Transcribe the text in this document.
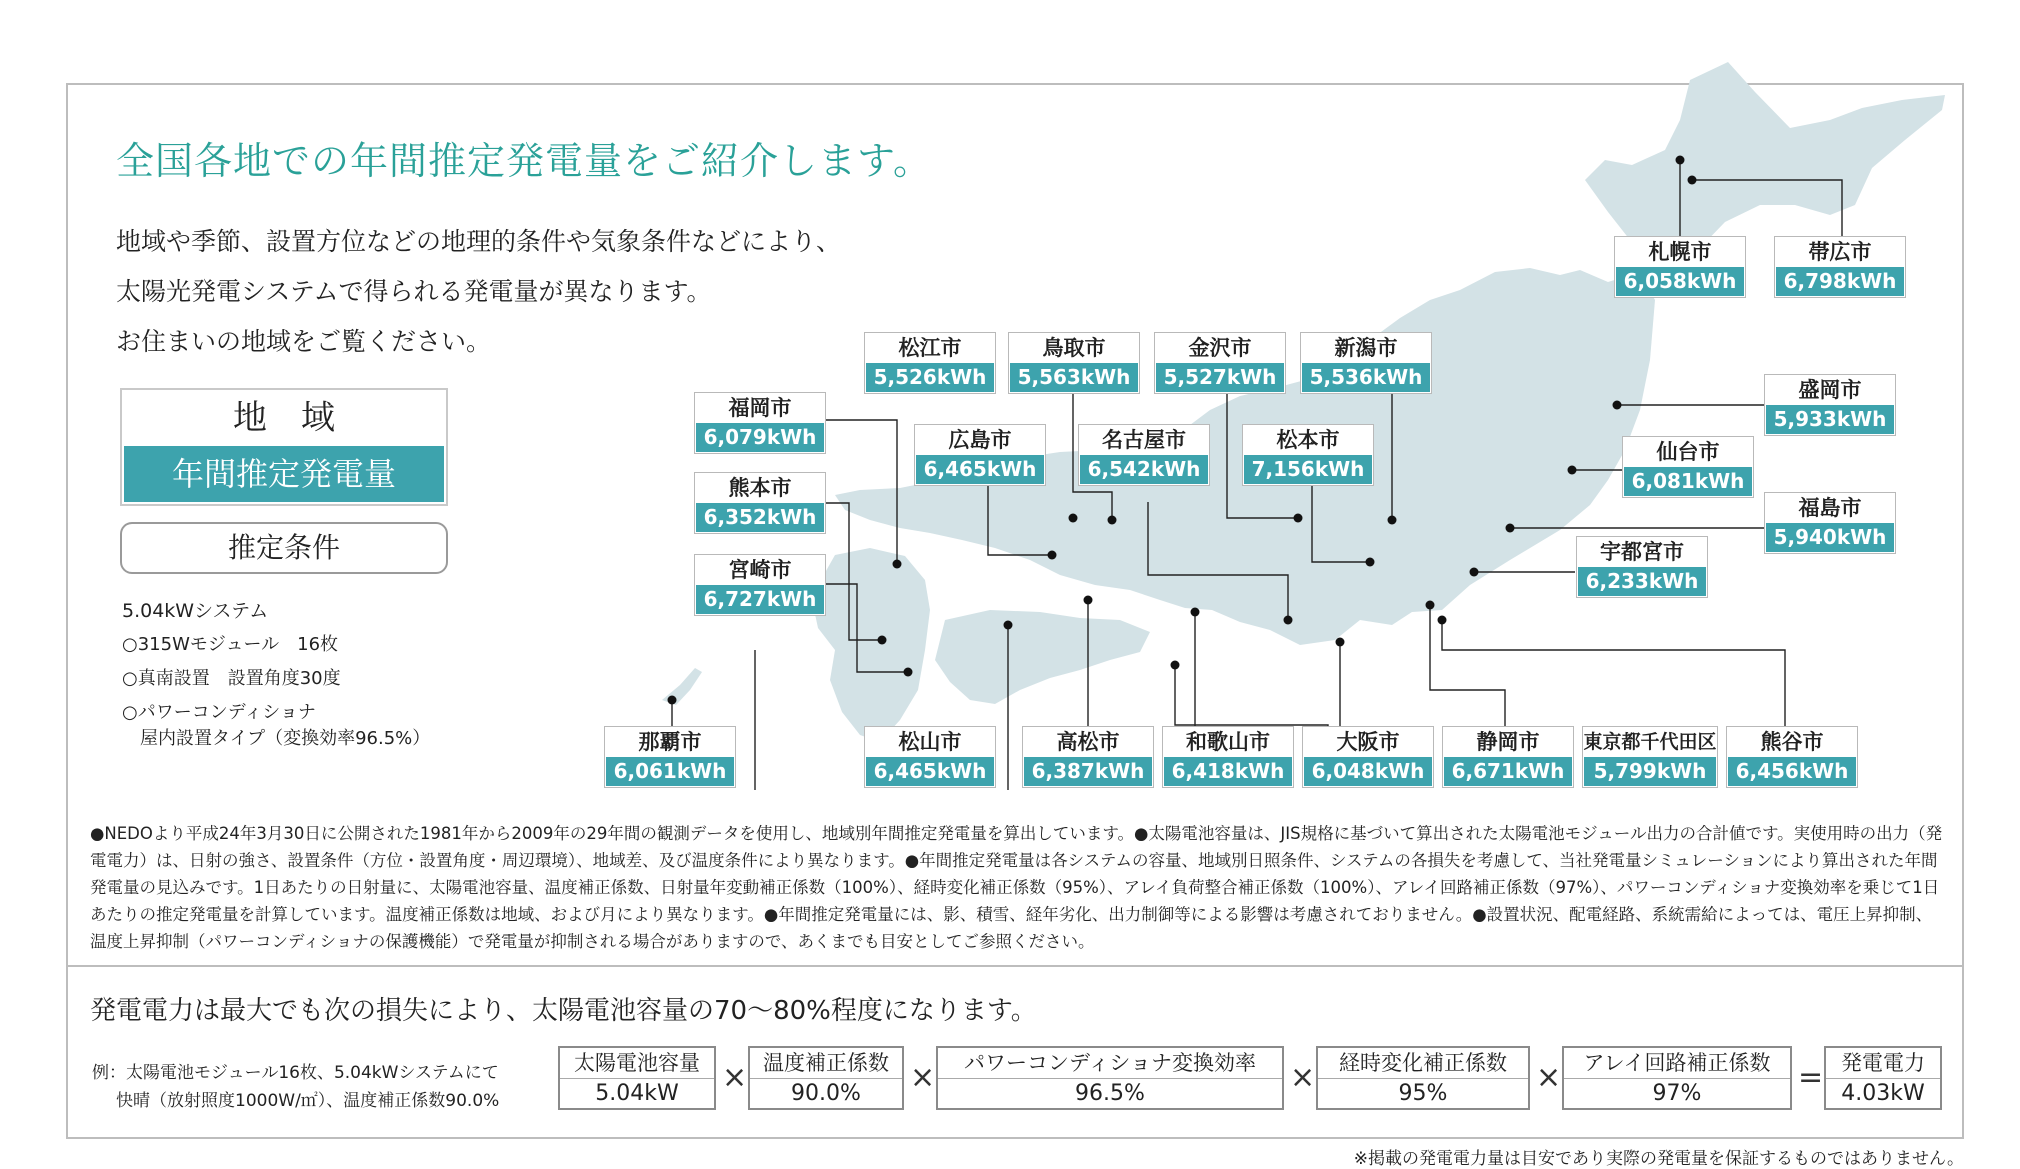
全国各地での年間推定発電量をご紹介します。
地域や季節、設置方位などの地理的条件や気象条件などにより、
太陽光発電システムで得られる発電量が異なります。
お住まいの地域をご覧ください。
地域
年間推定発電量
推定条件
5.04kWシステム
○315Wモジュール　16枚
○真南設置　設置角度30度
○パワーコンディショナ
　屋内設置タイプ（変換効率96.5%）
札幌市
6,058kWh
帯広市
6,798kWh
盛岡市
5,933kWh
仙台市
6,081kWh
福島市
5,940kWh
宇都宮市
6,233kWh
松江市
5,526kWh
鳥取市
5,563kWh
金沢市
5,527kWh
新潟市
5,536kWh
福岡市
6,079kWh	広島市
6,465kWh
名古屋市
6,542kWh
松本市
7,156kWh
熊本市
6,352kWh
宮崎市
6,727kWh
那覇市
6,061kWh
松山市
6,465kWh
高松市
6,387kWh
和歌山市
6,418kWh
大阪市
6,048kWh
静岡市
6,671kWh
東京都千代田区
5,799kWh
熊谷市
6,456kWh
●NEDOより平成24年3月30日に公開された1981年から2009年の29年間の観測データを使用し、地域別年間推定発電量を算出しています。●太陽電池容量は、JIS規格に基づいて算出された太陽電池モジュール出力の合計値です。実使用時の出力（発電電力）は、日射の強さ、設置条件（方位・設置角度・周辺環境）、地域差、及び温度条件により異なります。●年間推定発電量は各システムの容量、地域別日照条件、システムの各損失を考慮して、当社発電量シミュレーションにより算出された年間発電量の見込みです。1日あたりの日射量に、太陽電池容量、温度補正係数、日射量年変動補正係数（100%）、経時変化補正係数（95%）、アレイ負荷整合補正係数（100%）、アレイ回路補正係数（97%）、パワーコンディショナ変換効率を乗じて1日あたりの推定発電量を計算しています。温度補正係数は地域、および月により異なります。●年間推定発電量には、影、積雪、経年劣化、出力制御等による影響は考慮されておりません。●設置状況、配電経路、系統需給によっては、電圧上昇抑制、温度上昇抑制（パワーコンディショナの保護機能）で発電量が抑制される場合がありますので、あくまでも目安としてご参照ください。
発電電力は最大でも次の損失により、太陽電池容量の70～80%程度になります。
例：太陽電池モジュール16枚、5.04kWシステムにて
快晴（放射照度1000W/㎡）、温度補正係数90.0%
太陽電池容量
5.04kW	× 温度補正係数
90.0%	×	パワーコンディショナ変換効率
96.5%	×	経時変化補正係数
95%	×	アレイ回路補正係数
97%	= 発電電力
4.03kW
※掲載の発電電力量は目安であり実際の発電量を保証するものではありません。
